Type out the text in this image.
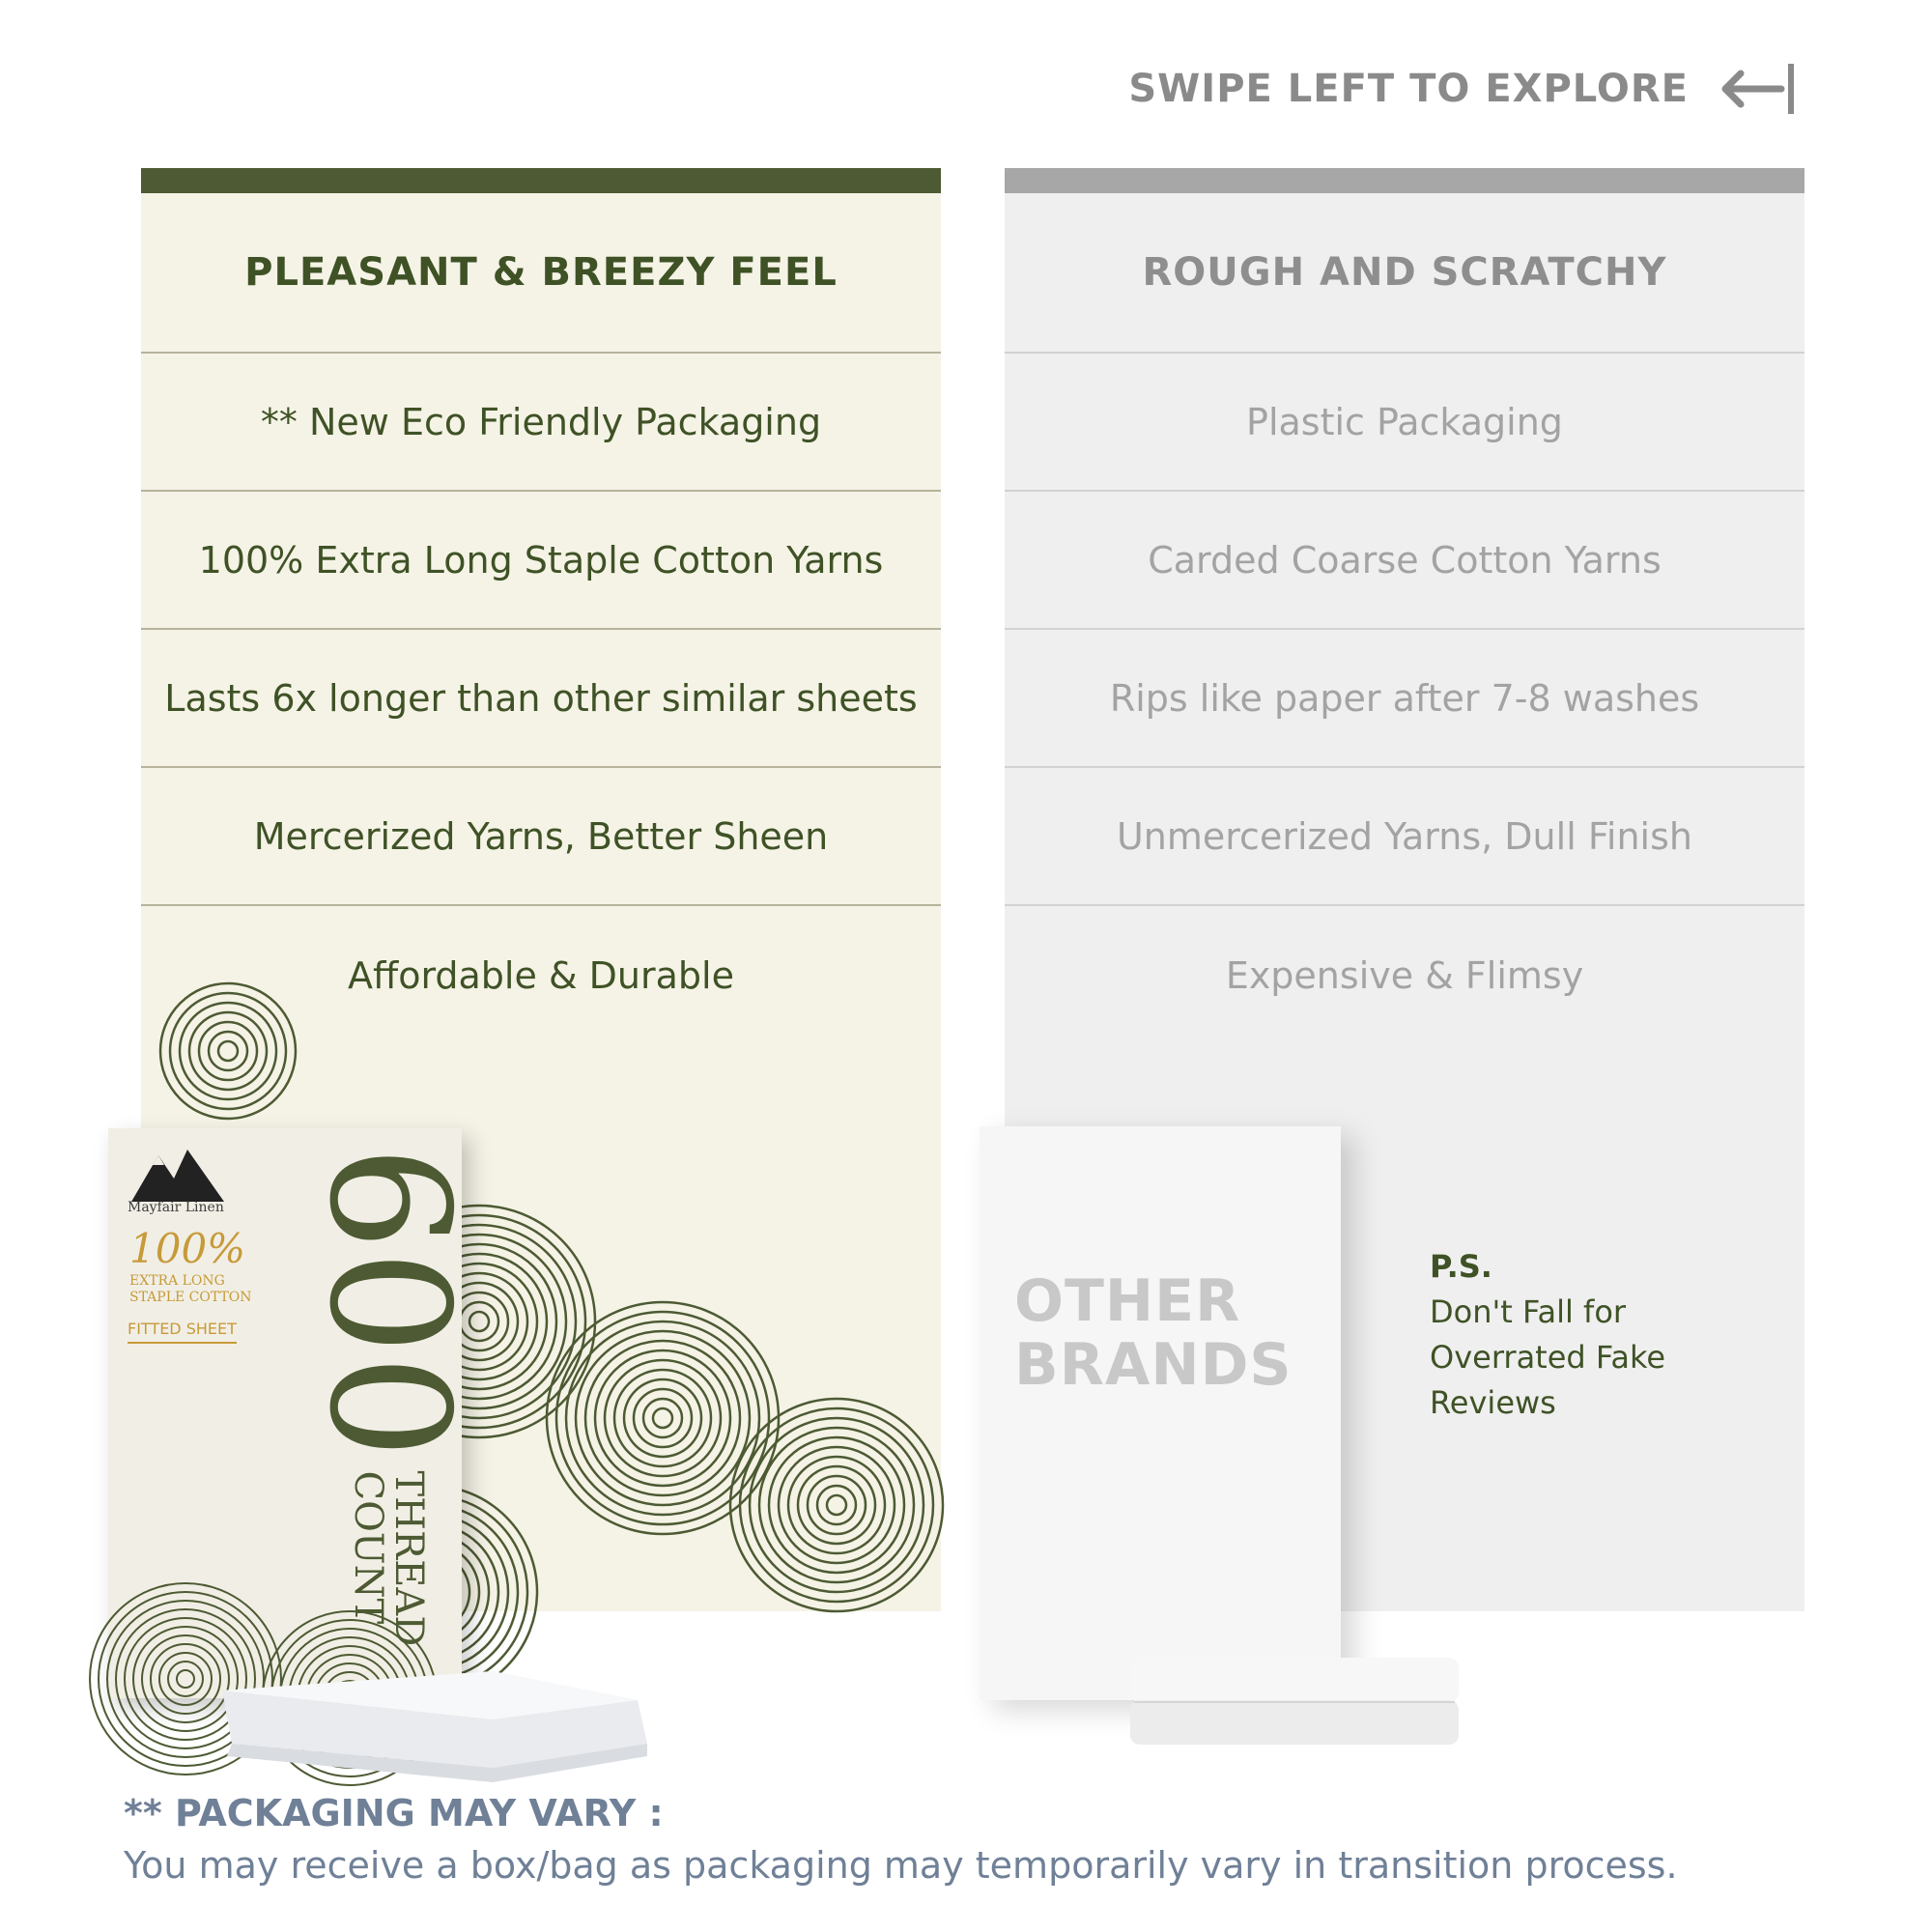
SWIPE LEFT TO EXPLORE
PLEASANT & BREEZY FEEL
** New Eco Friendly Packaging
100% Extra Long Staple Cotton Yarns
Lasts 6x longer than other similar sheets
Mercerized Yarns, Better Sheen
Affordable & Durable
ROUGH AND SCRATCHY
Plastic Packaging
Carded Coarse Cotton Yarns
Rips like paper after 7-8 washes
Unmercerized Yarns, Dull Finish
Expensive & Flimsy
Mayfair Linen
100%
EXTRA LONG STAPLE COTTON
FITTED SHEET 600
THREAD COUNT
OTHER
BRANDS
P.S.
Don't Fall for
Overrated Fake
Reviews
** PACKAGING MAY VARY :
You may receive a box/bag as packaging may temporarily vary in transition process.
